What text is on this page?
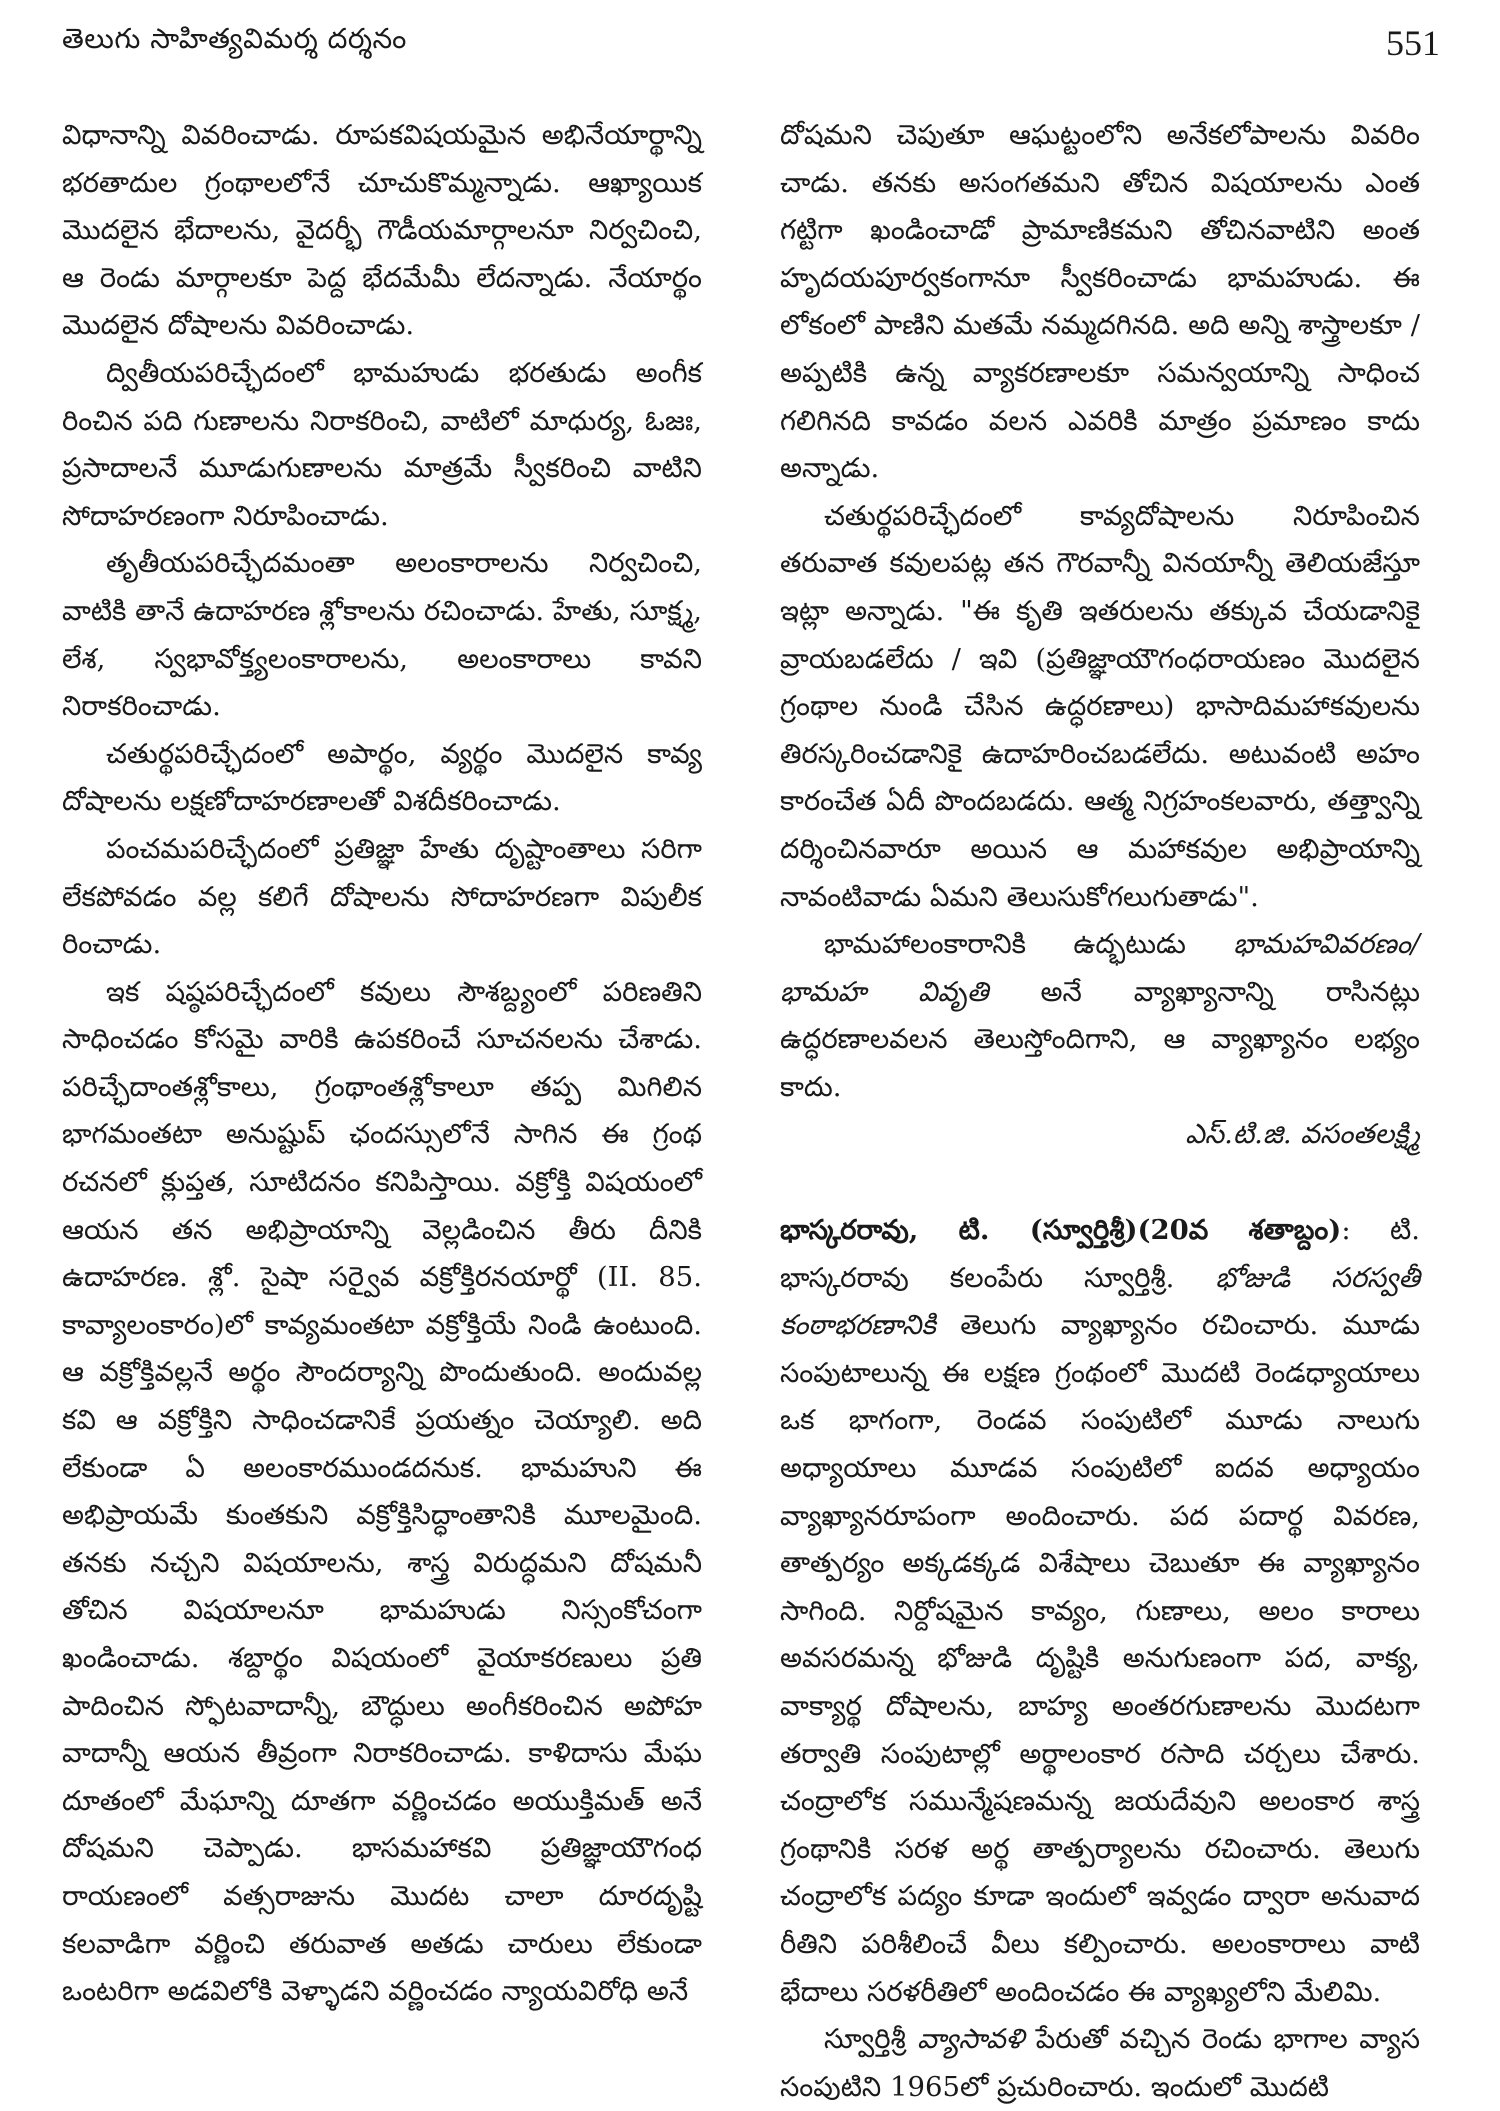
తెలుగు సాహిత్యవిమర్శ దర్శనం	551

విధానాన్ని వివరించాడు. రూపకవిషయమైన అభినేయార్థాన్ని భరతాదుల గ్రంథాలలోనే చూచుకొమ్మన్నాడు. ఆఖ్యాయిక మొదలైన భేదాలను, వైదర్భీ గౌడీయమార్గాలనూ నిర్వచించి, ఆ రెండు మార్గాలకూ పెద్ద భేదమేమీ లేదన్నాడు. నేయార్థం మొదలైన దోషాలను వివరించాడు.

ద్వితీయపరిచ్ఛేదంలో భామహుడు భరతుడు అంగీక రించిన పది గుణాలను నిరాకరించి, వాటిలో మాధుర్య, ఓజః, ప్రసాదాలనే మూడుగుణాలను మాత్రమే స్వీకరించి వాటిని సోదాహరణంగా నిరూపించాడు.

తృతీయపరిచ్ఛేదమంతా అలంకారాలను నిర్వచించి, వాటికి తానే ఉదాహరణ శ్లోకాలను రచించాడు. హేతు, సూక్ష్మ, లేశ, స్వభావోక్త్యలంకారాలను, అలంకారాలు కావని నిరాకరించాడు.

చతుర్థపరిచ్ఛేదంలో అపార్థం, వ్యర్థం మొదలైన కావ్య దోషాలను లక్షణోదాహరణాలతో విశదీకరించాడు.

పంచమపరిచ్ఛేదంలో ప్రతిజ్ఞా హేతు దృష్టాంతాలు సరిగా లేకపోవడం వల్ల కలిగే దోషాలను సోదాహరణగా విపులీక రించాడు.

ఇక షష్ఠపరిచ్ఛేదంలో కవులు సౌశబ్ద్యంలో పరిణతిని సాధించడం కోసమై వారికి ఉపకరించే సూచనలను చేశాడు. పరిచ్ఛేదాంతశ్లోకాలు, గ్రంథాంతశ్లోకాలూ తప్ప మిగిలిన భాగమంతటా అనుష్టుప్ ఛందస్సులోనే సాగిన ఈ గ్రంథ రచనలో క్లుప్తత, సూటిదనం కనిపిస్తాయి. వక్రోక్తి విషయంలో ఆయన తన అభిప్రాయాన్ని వెల్లడించిన తీరు దీనికి ఉదాహరణ. శ్లో. సైషా సర్వైవ వక్రోక్తిరనయార్థో (II. 85. కావ్యాలంకారం)లో కావ్యమంతటా వక్రోక్తియే నిండి ఉంటుంది. ఆ వక్రోక్తివల్లనే అర్థం సౌందర్యాన్ని పొందుతుంది. అందువల్ల కవి ఆ వక్రోక్తిని సాధించడానికే ప్రయత్నం చెయ్యాలి. అది లేకుండా ఏ అలంకారముండదనుక. భామహుని ఈ అభిప్రాయమే కుంతకుని వక్రోక్తిసిద్ధాంతానికి మూలమైంది. తనకు నచ్చని విషయాలను, శాస్త్ర విరుద్ధమని దోషమనీ తోచిన విషయాలనూ భామహుడు నిస్సంకోచంగా ఖండించాడు. శబ్దార్థం విషయంలో వైయాకరణులు ప్రతి పాదించిన స్ఫోటవాదాన్నీ, బౌద్ధులు అంగీకరించిన అపోహ వాదాన్నీ ఆయన తీవ్రంగా నిరాకరించాడు. కాళిదాసు మేఘ దూతంలో మేఘాన్ని దూతగా వర్ణించడం అయుక్తిమత్ అనే దోషమని చెప్పాడు. భాసమహాకవి ప్రతిజ్ఞాయౌగంధ రాయణంలో వత్సరాజును మొదట చాలా దూరదృష్టి కలవాడిగా వర్ణించి తరువాత అతడు చారులు లేకుండా ఒంటరిగా అడవిలోకి వెళ్ళాడని వర్ణించడం న్యాయవిరోధి అనే

దోషమని చెపుతూ ఆఘట్టంలోని అనేకలోపాలను వివరిం చాడు. తనకు అసంగతమని తోచిన విషయాలను ఎంత గట్టిగా ఖండించాడో ప్రామాణికమని తోచినవాటిని అంత హృదయపూర్వకంగానూ స్వీకరించాడు భామహుడు. ఈ లోకంలో పాణిని మతమే నమ్మదగినది. అది అన్ని శాస్త్రాలకూ /అప్పటికి ఉన్న వ్యాకరణాలకూ సమన్వయాన్ని సాధించ గలిగినది కావడం వలన ఎవరికి మాత్రం ప్రమాణం కాదు అన్నాడు.

చతుర్థపరిచ్ఛేదంలో కావ్యదోషాలను నిరూపించిన తరువాత కవులపట్ల తన గౌరవాన్నీ వినయాన్నీ తెలియజేస్తూ ఇట్లా అన్నాడు. "ఈ కృతి ఇతరులను తక్కువ చేయడానికై వ్రాయబడలేదు / ఇవి (ప్రతిజ్ఞాయౌగంధరాయణం మొదలైన గ్రంథాల నుండి చేసిన ఉద్ధరణాలు) భాసాదిమహాకవులను తిరస్కరించడానికై ఉదాహరించబడలేదు. అటువంటి అహం కారంచేత ఏదీ పొందబడదు. ఆత్మ నిగ్రహంకలవారు, తత్త్వాన్ని దర్శించినవారూ అయిన ఆ మహాకవుల అభిప్రాయాన్ని నావంటివాడు ఏమని తెలుసుకోగలుగుతాడు".

భామహాలంకారానికి ఉద్భటుడు భామహవివరణం/ భామహ వివృతి అనే వ్యాఖ్యానాన్ని రాసినట్లు ఉద్ధరణాలవలన తెలుస్తోందిగాని, ఆ వ్యాఖ్యానం లభ్యం కాదు.

ఎస్.టి.జి. వసంతలక్ష్మి

భాస్కరరావు, టి. (స్వూర్తిశ్రీ)(20వ శతాబ్దం): టి. భాస్కరరావు కలంపేరు స్వూర్తిశ్రీ. భోజుడి సరస్వతీ కంఠాభరణానికి తెలుగు వ్యాఖ్యానం రచించారు. మూడు సంపుటాలున్న ఈ లక్షణ గ్రంథంలో మొదటి రెండధ్యాయాలు ఒక భాగంగా, రెండవ సంపుటిలో మూడు నాలుగు అధ్యాయాలు మూడవ సంపుటిలో ఐదవ అధ్యాయం వ్యాఖ్యానరూపంగా అందించారు. పద పదార్థ వివరణ, తాత్పర్యం అక్కడక్కడ విశేషాలు చెబుతూ ఈ వ్యాఖ్యానం సాగింది. నిర్దోషమైన కావ్యం, గుణాలు, అలం కారాలు అవసరమన్న భోజుడి దృష్టికి అనుగుణంగా పద, వాక్య, వాక్యార్థ దోషాలను, బాహ్య అంతరగుణాలను మొదటగా తర్వాతి సంపుటాల్లో అర్థాలంకార రసాది చర్చలు చేశారు. చంద్రాలోక సమున్మేషణమన్న జయదేవుని అలంకార శాస్త్ర గ్రంథానికి సరళ అర్థ తాత్పర్యాలను రచించారు. తెలుగు చంద్రాలోక పద్యం కూడా ఇందులో ఇవ్వడం ద్వారా అనువాద రీతిని పరిశీలించే వీలు కల్పించారు. అలంకారాలు వాటి భేదాలు సరళరీతిలో అందించడం ఈ వ్యాఖ్యలోని మేలిమి.

స్వూర్తిశ్రీ వ్యాసావళి పేరుతో వచ్చిన రెండు భాగాల వ్యాస సంపుటిని 1965లో ప్రచురించారు. ఇందులో మొదటి
